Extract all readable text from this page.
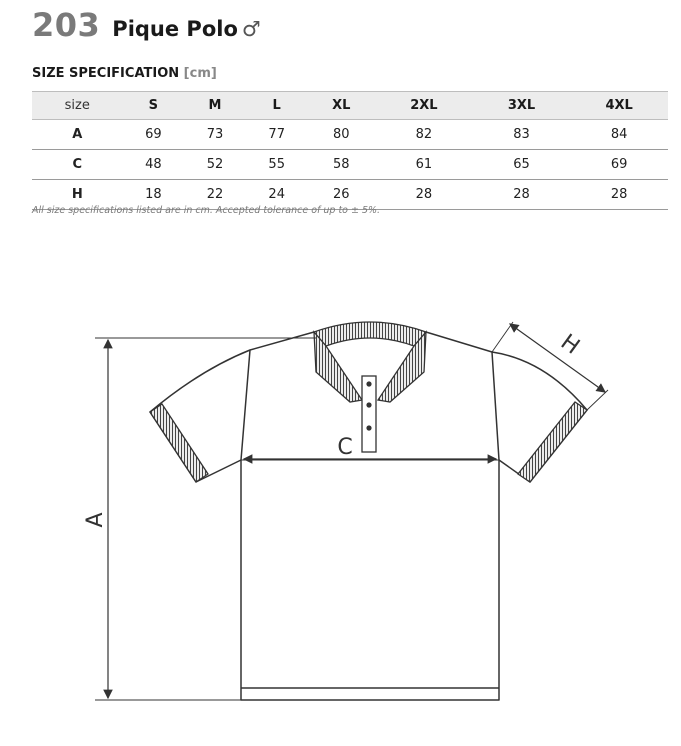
203 Pique Polo ♂
SIZE SPECIFICATION [cm]
size	S	M	L	XL	2XL	3XL	4XL
A	69	73	77	80	82	83	84
C	48	52	55	58	61	65	69
H	18	22	24	26	28	28	28
All size specifications listed are in cm. Accepted tolerance of up to ± 5%.
A
C
H
